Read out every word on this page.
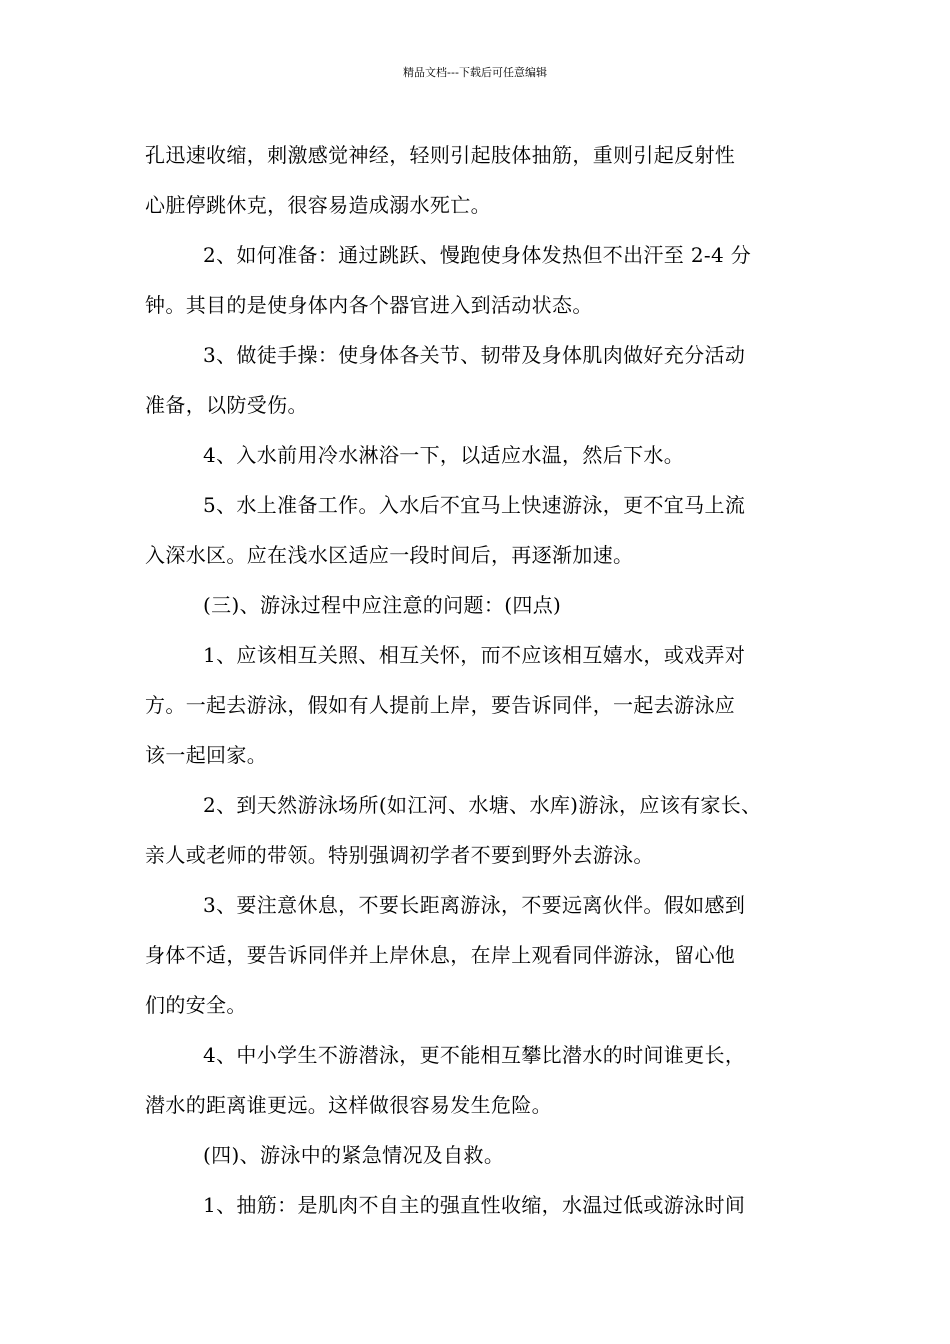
精品文档---下载后可任意编辑
孔迅速收缩，刺激感觉神经，轻则引起肢体抽筋，重则引起反射性
心脏停跳休克，很容易造成溺水死亡。
2、如何准备：通过跳跃、慢跑使身体发热但不出汗至 2-4 分
钟。其目的是使身体内各个器官进入到活动状态。
3、做徒手操：使身体各关节、韧带及身体肌肉做好充分活动
准备，以防受伤。
4、入水前用冷水淋浴一下，以适应水温，然后下水。
5、水上准备工作。入水后不宜马上快速游泳，更不宜马上流
入深水区。应在浅水区适应一段时间后，再逐渐加速。
(三)、游泳过程中应注意的问题：(四点)
1、应该相互关照、相互关怀，而不应该相互嬉水，或戏弄对
方。一起去游泳，假如有人提前上岸，要告诉同伴，一起去游泳应
该一起回家。
2、到天然游泳场所(如江河、水塘、水库)游泳，应该有家长、
亲人或老师的带领。特别强调初学者不要到野外去游泳。
3、要注意休息，不要长距离游泳，不要远离伙伴。假如感到
身体不适，要告诉同伴并上岸休息，在岸上观看同伴游泳，留心他
们的安全。
4、中小学生不游潜泳，更不能相互攀比潜水的时间谁更长，
潜水的距离谁更远。这样做很容易发生危险。
(四)、游泳中的紧急情况及自救。
1、抽筋：是肌肉不自主的强直性收缩，水温过低或游泳时间
